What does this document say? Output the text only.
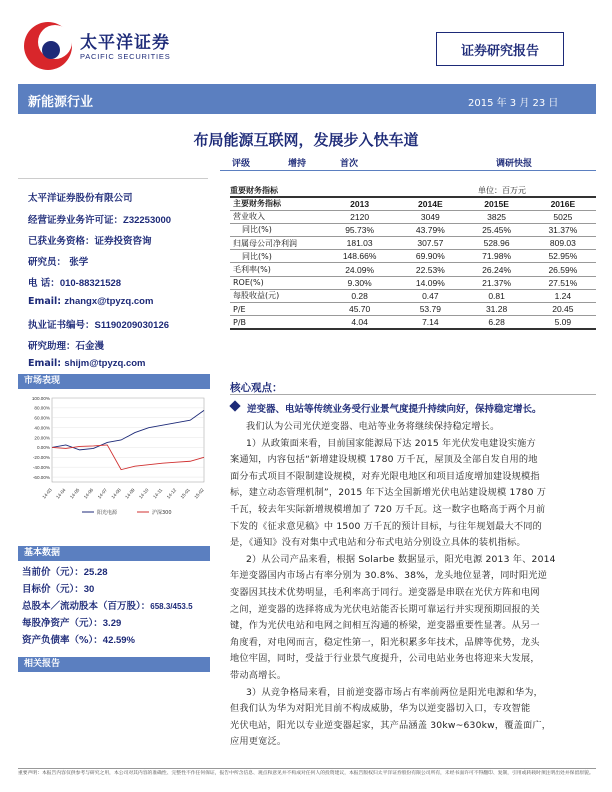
太平洋证券
PACIFIC SECURITIES	证券研究报告
新能源行业	2015 年 3 月 23 日
布局能源互联网，发展步入快车道
评级	增持	首次	调研快报
太平洋证券股份有限公司
经营证券业务许可证：Z32253000
已获业务资格：证券投资咨询
研究员： 张学
电 话：010-88321528
Email: zhangx@tpyzq.com
执业证书编号：S1190209030126
研究助理：石金漫
Email: shijm@tpyzq.com
市场表现
100.00%
80.00%
60.00%
40.00%
20.00%
0.00%
-20.00%
-40.00%
-60.00%
14-03 14-04 14-05 14-06 14-07 14-08 14-09 14-10 14-11 14-12 15-01 15-02
阳光电源	沪深300
基本数据
当前价（元）：25.28
目标价（元）：30
总股本／流动股本（百万股）：658.3/453.5
每股净资产（元）：3.29
资产负债率（%）：42.59%
相关报告
重要财务指标	单位：百万元
主要财务指标	2013	2014E	2015E	2016E
营业收入	2120	3049	3825	5025
同比(%)	95.73%	43.79%	25.45%	31.37%
归属母公司净利润	181.03	307.57	528.96	809.03
同比(%)	148.66%	69.90%	71.98%	52.95%
毛利率(%)	24.09%	22.53%	26.24%	26.59%
ROE(%)	9.30%	14.09%	21.37%	27.51%
每股收益(元)	0.28	0.47	0.81	1.24
P/E	45.70	53.79	31.28	20.45
P/B	4.04	7.14	6.28	5.09
核心观点：
逆变器、电站等传统业务受行业景气度提升持续向好，保持稳定增长。
我们认为公司光伏逆变器、电站等业务将继续保持稳定增长。
1）从政策面来看，目前国家能源局下达 2015 年光伏发电建设实施方
案通知，内容包括“新增建设规模 1780 万千瓦，屋顶及全部自发自用的地
面分布式项目不限制建设规模，对弃光限电地区和项目适度增加建设规模指
标，建立动态管理机制”，2015 年下达全国新增光伏电站建设规模 1780 万
千瓦，较去年实际新增规模增加了 720 万千瓦。这一数字也略高于两个月前
下发的《征求意见稿》中 1500 万千瓦的预计目标，与往年规划最大不同的
是，《通知》没有对集中式电站和分布式电站分别设立具体的装机指标。
2）从公司产品来看，根据 Solarbe 数据显示，阳光电源 2013 年、2014
年逆变器国内市场占有率分别为 30.8%、38%，龙头地位显著，同时阳光逆
变器因其技术优势明显，毛利率高于同行。逆变器是串联在光伏方阵和电网
之间，逆变器的选择将成为光伏电站能否长期可靠运行并实现预期回报的关
键，作为光伏电站和电网之间相互沟通的桥梁，逆变器重要性显著。从另一
角度看，对电网而言，稳定性第一，阳光积累多年技术，品牌等优势，龙头
地位牢固，同时，受益于行业景气度提升，公司电站业务也将迎来大发展，
带动高增长。
3）从竞争格局来看，目前逆变器市场占有率前两位是阳光电源和华为，
但我们认为华为对阳光目前不构成威胁，华为以逆变器切入口，专攻智能
光伏电站，阳光以专业逆变器起家，其产品涵盖 30kw~630kw，覆盖面广，
应用更宽泛。
重要声明：本报告内容仅供参考与研究之用，本公司对其内容的准确性、完整性不作任何保证，报告中所含信息、观点和意见并不构成对任何人的投资建议，本报告版权归太平洋证券股份有限公司所有，未经书面许可不得翻印、复制，引用或转载时须注明出处并保留原貌。
